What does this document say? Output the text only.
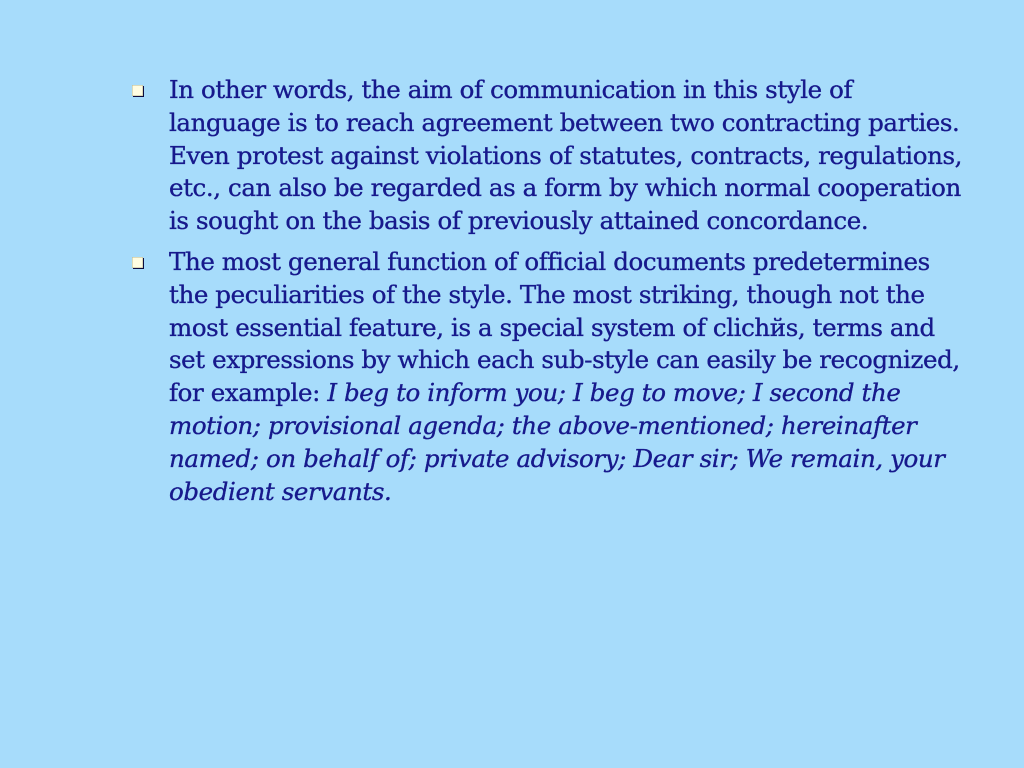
In other words, the aim of communication in this style of language is to reach agreement between two contracting parties. Even protest against violations of statutes, contracts, regulations, etc., can also be regarded as a form by which normal cooperation is sought on the basis of previously attained concordance.
The most general function of official documents predetermines the peculiarities of the style. The most striking, though not the most essential feature, is a special system of clichйs, terms and set expressions by which each sub-style can easily be recognized, for example: I beg to inform you; I beg to move; I second the motion; provisional agenda; the above-mentioned; hereinafter named; on behalf of; private advisory; Dear sir; We remain, your obedient servants.
